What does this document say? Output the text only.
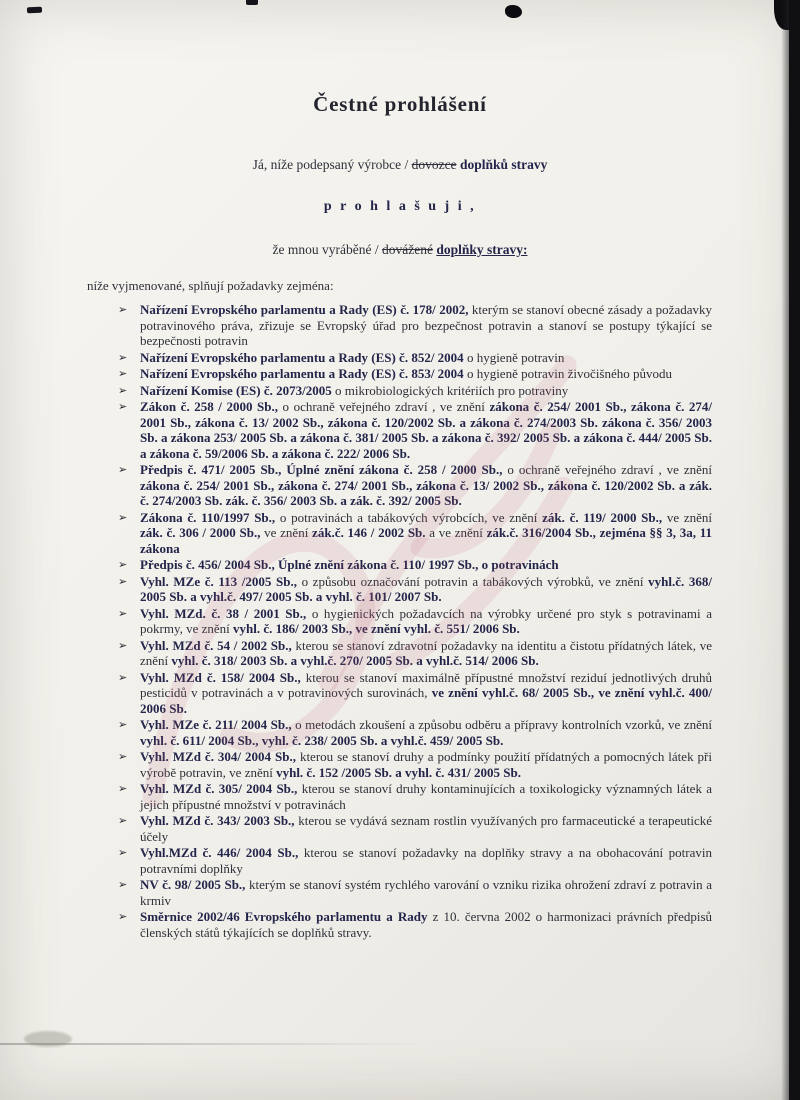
Čestné prohlášení

Já, níže podepsaný výrobce / dovozce doplňků stravy

p r o h l a š u j i ,

že mnou vyráběné / dovážené doplňky stravy:

níže vyjmenované, splňují požadavky zejména:

➢ Nařízení Evropského parlamentu a Rady (ES) č. 178/ 2002, kterým se stanoví obecné zásady a požadavky potravinového práva, zřizuje se Evropský úřad pro bezpečnost potravin a stanoví se postupy týkající se bezpečnosti potravin
➢ Nařízení Evropského parlamentu a Rady (ES) č. 852/ 2004 o hygieně potravin
➢ Nařízení Evropského parlamentu a Rady (ES) č. 853/ 2004 o hygieně potravin živočišného původu
➢ Nařízení Komise (ES) č. 2073/2005 o mikrobiologických kritériích pro potraviny
➢ Zákon č. 258 / 2000 Sb., o ochraně veřejného zdraví , ve znění zákona č. 254/ 2001 Sb., zákona č. 274/ 2001 Sb., zákona č. 13/ 2002 Sb., zákona č. 120/2002 Sb. a zákona č. 274/2003 Sb. zákona č. 356/ 2003 Sb. a zákona 253/ 2005 Sb. a zákona č. 381/ 2005 Sb. a zákona č. 392/ 2005 Sb. a zákona č. 444/ 2005 Sb. a zákona č. 59/2006 Sb. a zákona č. 222/ 2006 Sb.
➢ Předpis č. 471/ 2005 Sb., Úplné znění zákona č. 258 / 2000 Sb., o ochraně veřejného zdraví , ve znění zákona č. 254/ 2001 Sb., zákona č. 274/ 2001 Sb., zákona č. 13/ 2002 Sb., zákona č. 120/2002 Sb. a zák. č. 274/2003 Sb. zák. č. 356/ 2003 Sb. a zák. č. 392/ 2005 Sb.
➢ Zákona č. 110/1997 Sb., o potravinách a tabákových výrobcích, ve znění zák. č. 119/ 2000 Sb., ve znění zák. č. 306 / 2000 Sb., ve znění zák.č. 146 / 2002 Sb. a ve znění zák.č. 316/2004 Sb., zejména §§ 3, 3a, 11 zákona
➢ Předpis č. 456/ 2004 Sb., Úplné znění zákona č. 110/ 1997 Sb., o potravinách
➢ Vyhl. MZe č. 113 /2005 Sb., o způsobu označování potravin a tabákových výrobků, ve znění vyhl.č. 368/ 2005 Sb. a vyhl.č. 497/ 2005 Sb. a vyhl. č. 101/ 2007 Sb.
➢ Vyhl. MZd. č. 38 / 2001 Sb., o hygienických požadavcích na výrobky určené pro styk s potravinami a pokrmy, ve znění vyhl. č. 186/ 2003 Sb., ve znění vyhl. č. 551/ 2006 Sb.
➢ Vyhl. MZd č. 54 / 2002 Sb., kterou se stanoví zdravotní požadavky na identitu a čistotu přídatných látek, ve znění vyhl. č. 318/ 2003 Sb. a vyhl.č. 270/ 2005 Sb. a vyhl.č. 514/ 2006 Sb.
➢ Vyhl. MZd č. 158/ 2004 Sb., kterou se stanoví maximálně přípustné množství reziduí jednotlivých druhů pesticidů v potravinách a v potravinových surovinách, ve znění vyhl.č. 68/ 2005 Sb., ve znění vyhl.č. 400/ 2006 Sb.
➢ Vyhl. MZe č. 211/ 2004 Sb., o metodách zkoušení a způsobu odběru a přípravy kontrolních vzorků, ve znění vyhl. č. 611/ 2004 Sb., vyhl. č. 238/ 2005 Sb. a vyhl.č. 459/ 2005 Sb.
➢ Vyhl. MZd č. 304/ 2004 Sb., kterou se stanoví druhy a podmínky použití přídatných a pomocných látek při výrobě potravin, ve znění vyhl. č. 152 /2005 Sb. a vyhl. č. 431/ 2005 Sb.
➢ Vyhl. MZd č. 305/ 2004 Sb., kterou se stanoví druhy kontaminujících a toxikologicky významných látek a jejich přípustné množství v potravinách
➢ Vyhl. MZd č. 343/ 2003 Sb., kterou se vydává seznam rostlin využívaných pro farmaceutické a terapeutické účely
➢ Vyhl.MZd č. 446/ 2004 Sb., kterou se stanoví požadavky na doplňky stravy a na obohacování potravin potravními doplňky
➢ NV č. 98/ 2005 Sb., kterým se stanoví systém rychlého varování o vzniku rizika ohrožení zdraví z potravin a krmiv
➢ Směrnice 2002/46 Evropského parlamentu a Rady z 10. června 2002 o harmonizaci právních předpisů členských států týkajících se doplňků stravy.
